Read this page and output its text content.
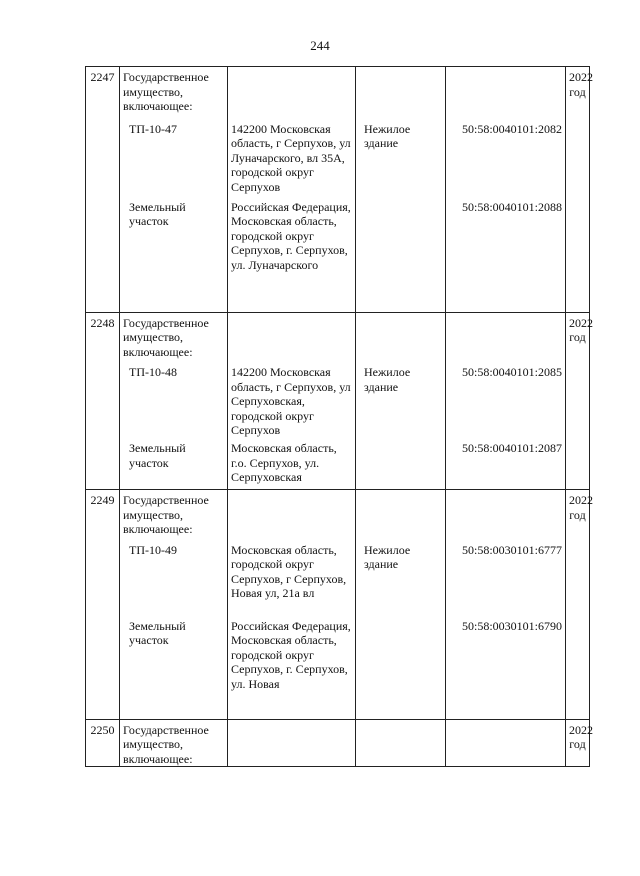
244
2247	Государственное имущество, включающее:				2022 год

	ТП-10-47	142200 Московская область, г Серпухов, ул Луначарского, вл 35А, городской округ Серпухов	Нежилое здание	50:58:0040101:2082	

	Земельный участок	Российская Федерация, Московская область, городской округ Серпухов, г. Серпухов, ул. Луначарского		50:58:0040101:2088	
2248	Государственное имущество, включающее:				2022 год

	ТП-10-48	142200 Московская область, г Серпухов, ул Серпуховская, городской округ Серпухов	Нежилое здание	50:58:0040101:2085	

	Земельный участок	Московская область, г.о. Серпухов, ул. Серпуховская		50:58:0040101:2087	
2249	Государственное имущество, включающее:				2022 год

	ТП-10-49	Московская область, городской округ Серпухов, г Серпухов, Новая ул, 21а вл	Нежилое здание	50:58:0030101:6777	

	Земельный участок	Российская Федерация, Московская область, городской округ Серпухов, г. Серпухов, ул. Новая		50:58:0030101:6790	
2250	Государственное имущество, включающее:				2022 год
